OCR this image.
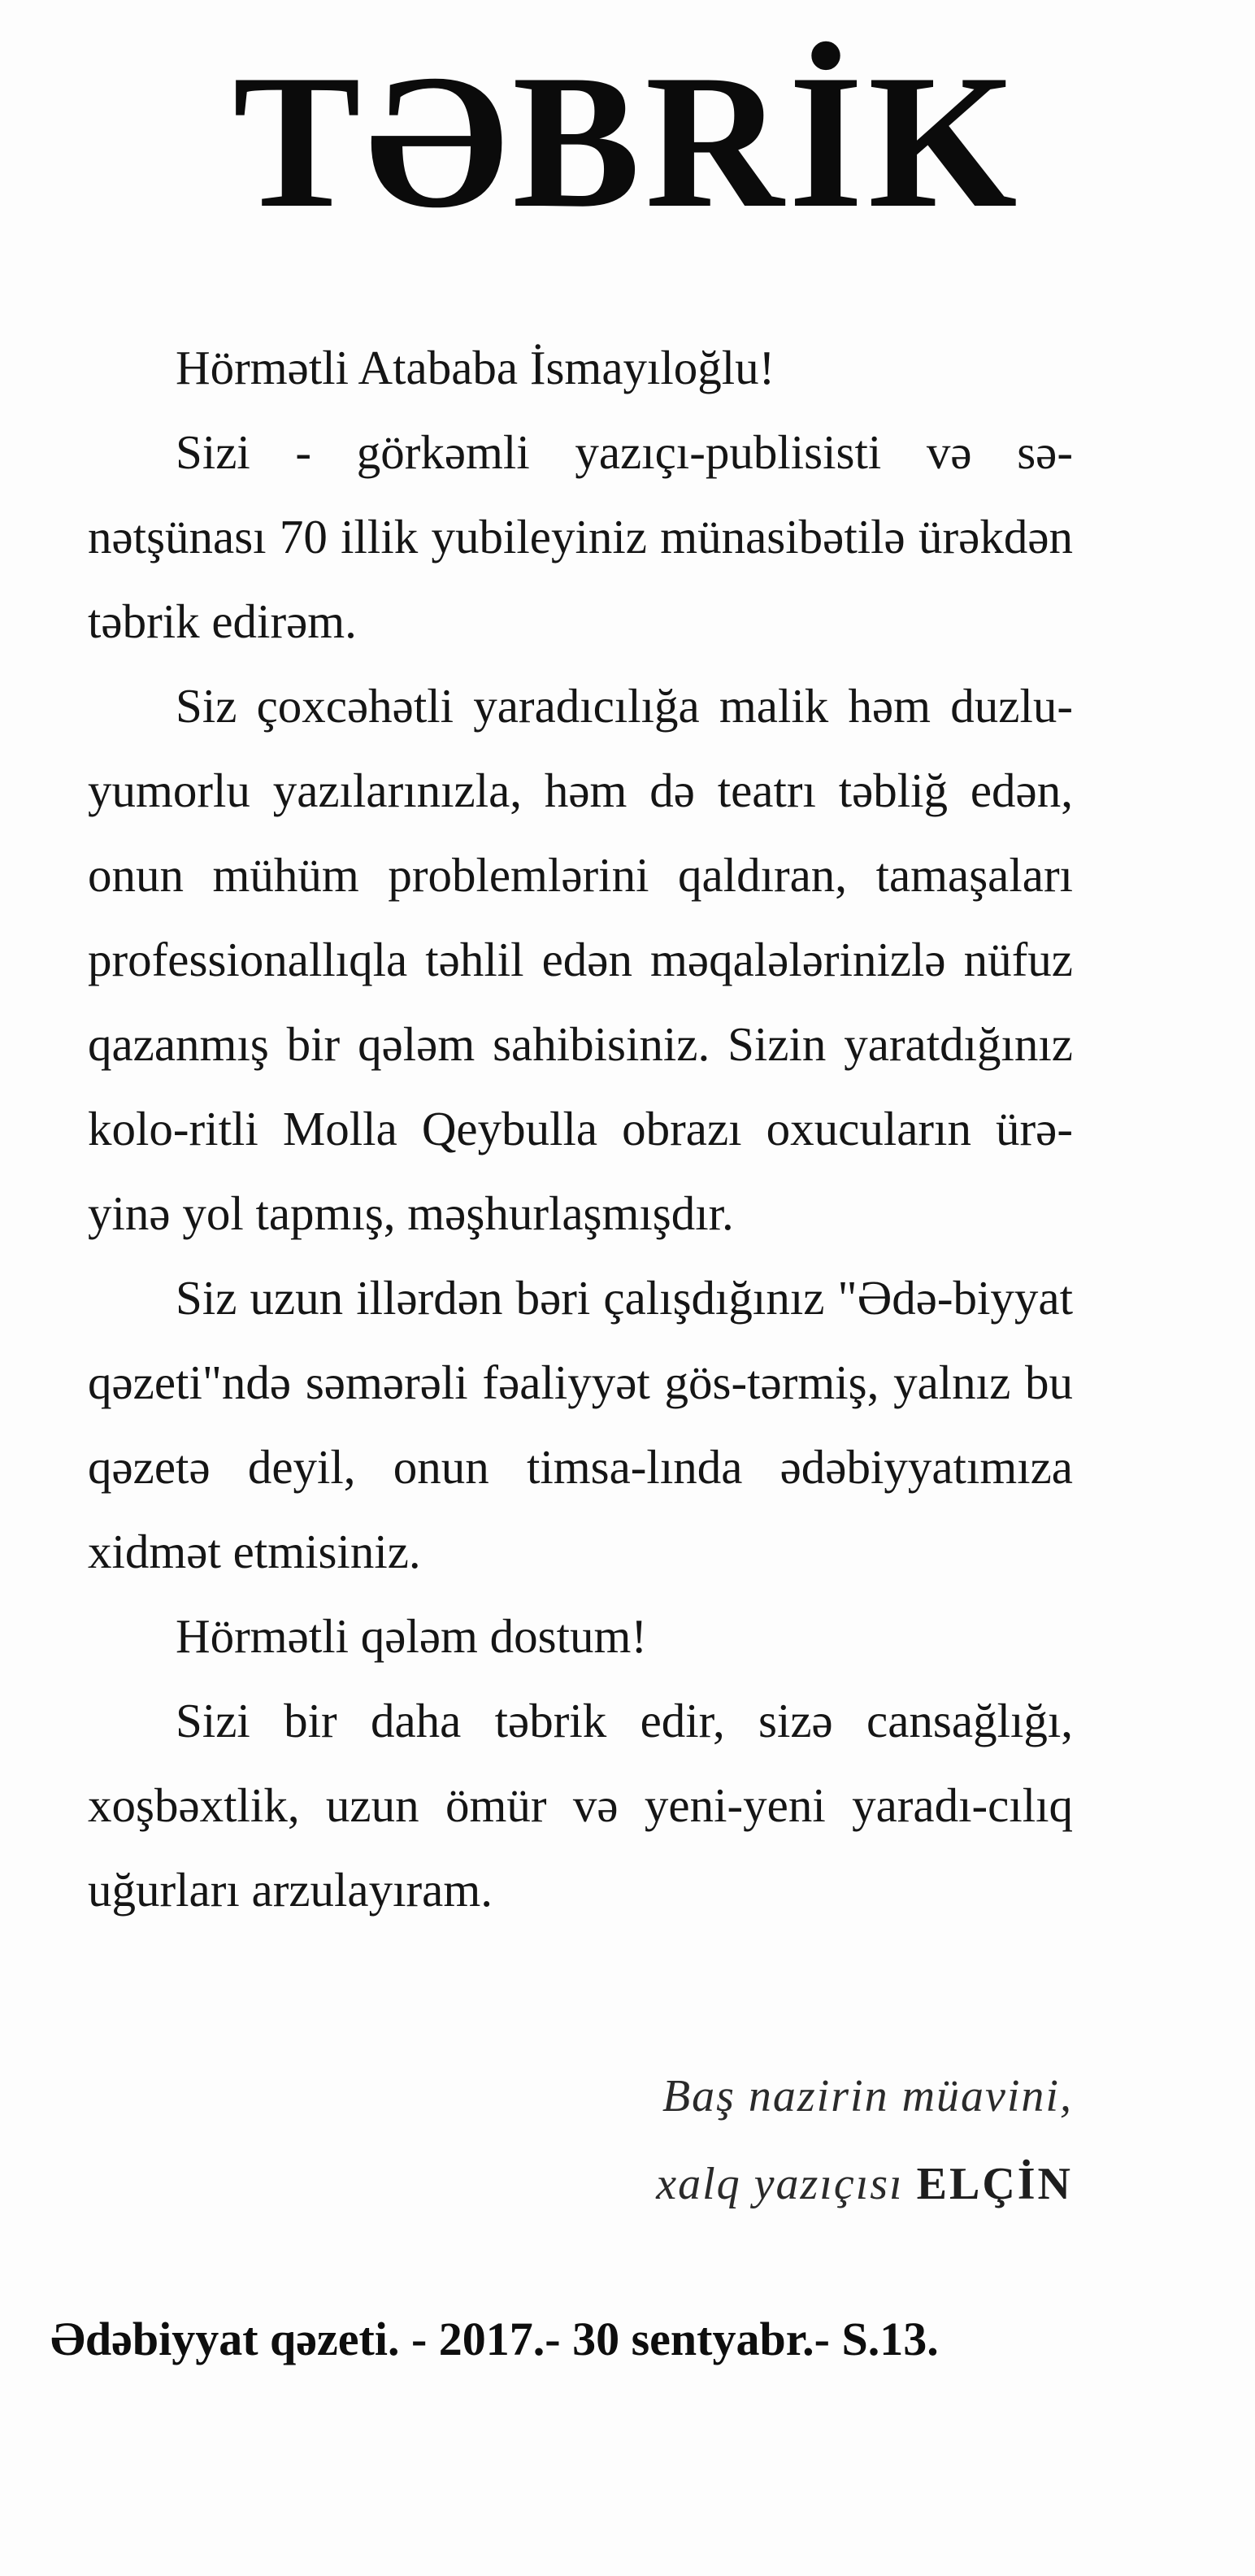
TƏBRİK

Hörmətli Atababa İsmayıloğlu!

Sizi - görkəmli yazıçı-publisisti və sə-nətşünası 70 illik yubileyiniz münasibətilə ürəkdən təbrik edirəm.

Siz çoxcəhətli yaradıcılığa malik həm duzlu-yumorlu yazılarınızla, həm də teatrı təbliğ edən, onun mühüm problemlərini qaldıran, tamaşaları professionallıqla təhlil edən məqalələrinizlə nüfuz qazanmış bir qələm sahibisiniz. Sizin yaratdığınız kolo-ritli Molla Qeybulla obrazı oxucuların ürə-yinə yol tapmış, məşhurlaşmışdır.

Siz uzun illərdən bəri çalışdığınız "Ədə-biyyat qəzeti"ndə səmərəli fəaliyyət gös-tərmiş, yalnız bu qəzetə deyil, onun timsa-lında ədəbiyyatımıza xidmət etmisiniz.

Hörmətli qələm dostum!

Sizi bir daha təbrik edir, sizə cansağlığı, xoşbəxtlik, uzun ömür və yeni-yeni yaradı-cılıq uğurları arzulayıram.

Baş nazirin müavini,

xalq yazıçısı ELÇİN

Ədəbiyyat qəzeti. - 2017.- 30 sentyabr.- S.13.
